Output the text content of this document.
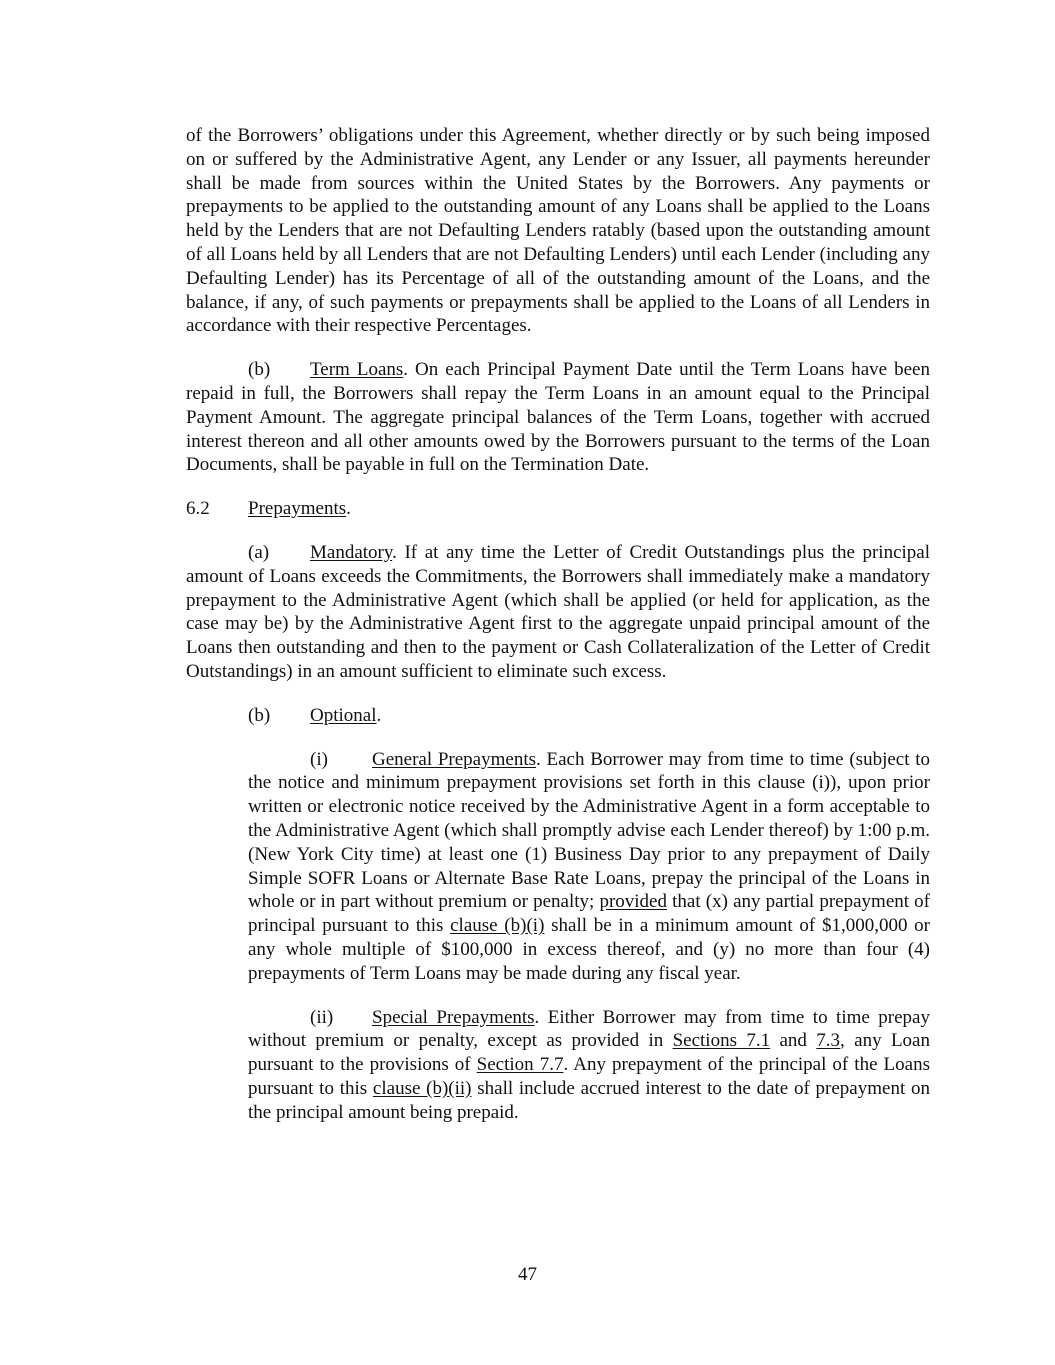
of the Borrowers’ obligations under this Agreement, whether directly or by such being imposed on or suffered by the Administrative Agent, any Lender or any Issuer, all payments hereunder shall be made from sources within the United States by the Borrowers. Any payments or prepayments to be applied to the outstanding amount of any Loans shall be applied to the Loans held by the Lenders that are not Defaulting Lenders ratably (based upon the outstanding amount of all Loans held by all Lenders that are not Defaulting Lenders) until each Lender (including any Defaulting Lender) has its Percentage of all of the outstanding amount of the Loans, and the balance, if any, of such payments or prepayments shall be applied to the Loans of all Lenders in accordance with their respective Percentages.

(b) Term Loans. On each Principal Payment Date until the Term Loans have been repaid in full, the Borrowers shall repay the Term Loans in an amount equal to the Principal Payment Amount. The aggregate principal balances of the Term Loans, together with accrued interest thereon and all other amounts owed by the Borrowers pursuant to the terms of the Loan Documents, shall be payable in full on the Termination Date.

6.2 Prepayments.

(a) Mandatory. If at any time the Letter of Credit Outstandings plus the principal amount of Loans exceeds the Commitments, the Borrowers shall immediately make a mandatory prepayment to the Administrative Agent (which shall be applied (or held for application, as the case may be) by the Administrative Agent first to the aggregate unpaid principal amount of the Loans then outstanding and then to the payment or Cash Collateralization of the Letter of Credit Outstandings) in an amount sufficient to eliminate such excess.

(b) Optional.

(i) General Prepayments. Each Borrower may from time to time (subject to the notice and minimum prepayment provisions set forth in this clause (i)), upon prior written or electronic notice received by the Administrative Agent in a form acceptable to the Administrative Agent (which shall promptly advise each Lender thereof) by 1:00 p.m. (New York City time) at least one (1) Business Day prior to any prepayment of Daily Simple SOFR Loans or Alternate Base Rate Loans, prepay the principal of the Loans in whole or in part without premium or penalty; provided that (x) any partial prepayment of principal pursuant to this clause (b)(i) shall be in a minimum amount of $1,000,000 or any whole multiple of $100,000 in excess thereof, and (y) no more than four (4) prepayments of Term Loans may be made during any fiscal year.

(ii) Special Prepayments. Either Borrower may from time to time prepay without premium or penalty, except as provided in Sections 7.1 and 7.3, any Loan pursuant to the provisions of Section 7.7. Any prepayment of the principal of the Loans pursuant to this clause (b)(ii) shall include accrued interest to the date of prepayment on the principal amount being prepaid.

47
